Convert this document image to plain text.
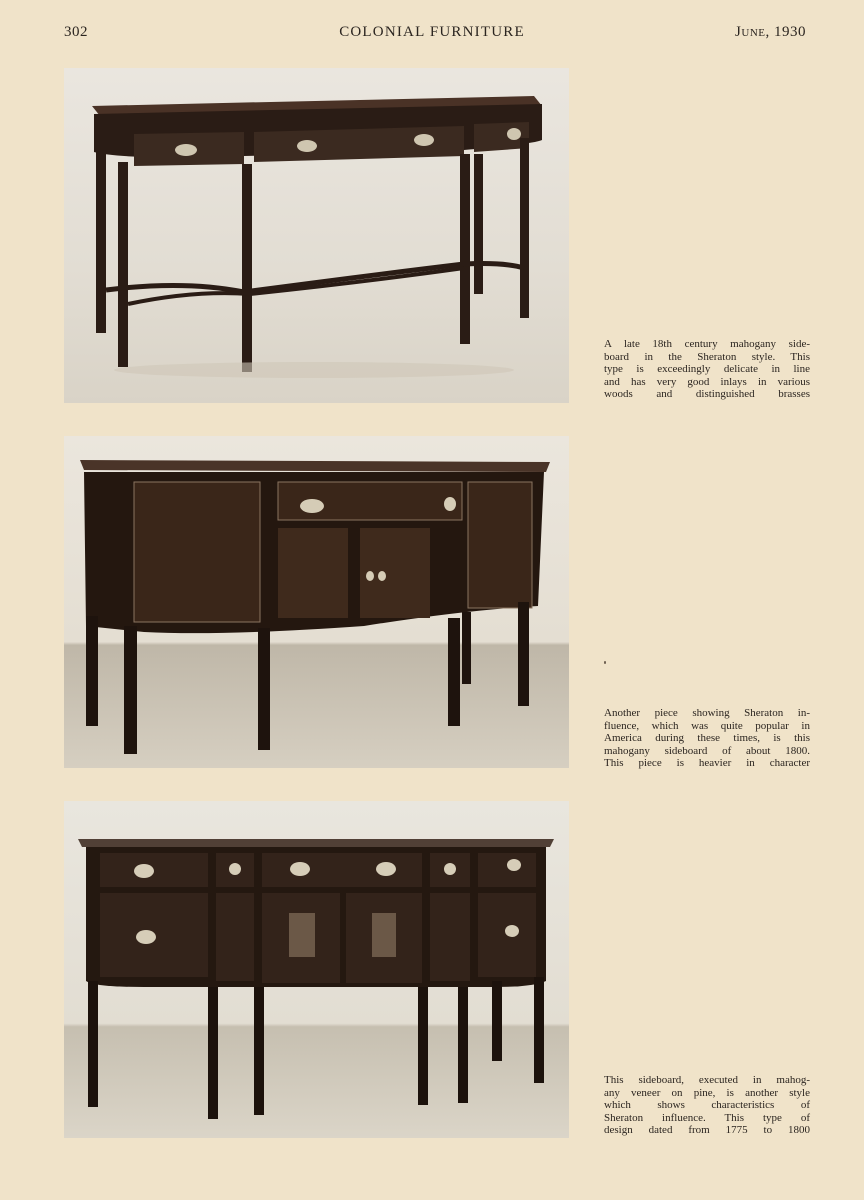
302	COLONIAL FURNITURE	June, 1930
A late 18th century mahogany side-
board in the Sheraton style. This
type is exceedingly delicate in line
and has very good inlays in various
woods and distinguished brasses
Another piece showing Sheraton in-
fluence, which was quite popular in
America during these times, is this
mahogany sideboard of about 1800.
This piece is heavier in character
This sideboard, executed in mahog-
any veneer on pine, is another style
which shows characteristics of
Sheraton influence. This type of
design dated from 1775 to 1800
